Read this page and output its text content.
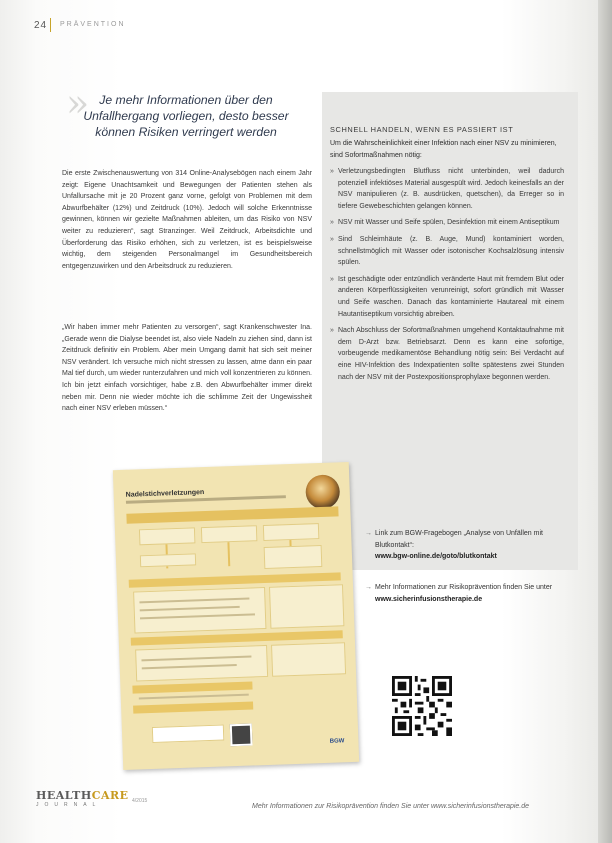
24 PRÄVENTION
» Je mehr Informationen über den Unfallhergang vorliegen, desto besser können Risiken verringert werden
Die erste Zwischenauswertung von 314 Online-Analysebögen nach einem Jahr zeigt: Eigene Unachtsamkeit und Bewegungen der Patienten stehen als Unfallursache mit je 20 Prozent ganz vorne, gefolgt von Problemen mit dem Abwurfbehälter (12%) und Zeitdruck (10%). Jedoch will solche Erkenntnisse gewinnen, können wir gezielte Maßnahmen ableiten, um das Risiko von NSV weiter zu reduzieren“, sagt Stranzinger. Weil Zeitdruck, Arbeitsdichte und Überforderung das Risiko erhöhen, sich zu verletzen, ist es beispielsweise wichtig, dem steigenden Personalmangel im Gesundheitsbereich entgegenzuwirken und den Arbeitsdruck zu reduzieren.
„Wir haben immer mehr Patienten zu versorgen“, sagt Krankenschwester Ina. „Gerade wenn die Dialyse beendet ist, also viele Nadeln zu ziehen sind, dann ist Zeitdruck definitiv ein Problem. Aber mein Umgang damit hat sich seit meiner NSV verändert. Ich versuche mich nicht stressen zu lassen, atme dann ein paar Mal tief durch, um wieder runterzufahren und mich voll konzentrieren zu können. Ich bin jetzt einfach vorsichtiger, habe z.B. den Abwurfbehälter immer direkt neben mir. Denn nie wieder möchte ich die schlimme Zeit der Ungewissheit nach einer NSV erleben müssen.“
SCHNELL HANDELN, WENN ES PASSIERT IST
Um die Wahrscheinlichkeit einer Infektion nach einer NSV zu minimieren, sind Sofortmaßnahmen nötig:
» Verletzungsbedingten Blutfluss nicht unterbinden, weil dadurch potenziell infektiöses Material ausgespült wird. Jedoch keinesfalls an der NSV manipulieren (z. B. ausdrücken, quetschen), da Erreger so in tiefere Gewebeschichten gelangen können.
» NSV mit Wasser und Seife spülen, Desinfektion mit einem Antiseptikum
» Sind Schleimhäute (z. B. Auge, Mund) kontaminiert worden, schnellstmöglich mit Wasser oder isotonischer Kochsalzlösung intensiv spülen.
» Ist geschädigte oder entzündlich veränderte Haut mit fremdem Blut oder anderen Körperflüssigkeiten verunreinigt, sofort gründlich mit Wasser und Seife waschen. Danach das kontaminierte Hautareal mit einem Hautantiseptikum vorsichtig abreiben.
» Nach Abschluss der Sofortmaßnahmen umgehend Kontaktaufnahme mit dem D-Arzt bzw. Betriebsarzt. Denn es kann eine sofortige, vorbeugende medikamentöse Behandlung nötig sein: Bei Verdacht auf eine HIV-Infektion des Indexpatienten sollte spätestens zwei Stunden nach der NSV mit der Postexpositionsprophylaxe begonnen werden.
→ Link zum BGW-Fragebogen „Analyse von Unfällen mit Blutkontakt“:
www.bgw-online.de/goto/blutkontakt
→ Mehr Informationen zur Risikoprävention finden Sie unter
www.sicherinfusionstherapie.de
Nadelstichverletzungen
BGW
HEALTHCARE
JOURNAL
4/2015
Mehr Informationen zur Risikoprävention finden Sie unter www.sicherinfusionstherapie.de
